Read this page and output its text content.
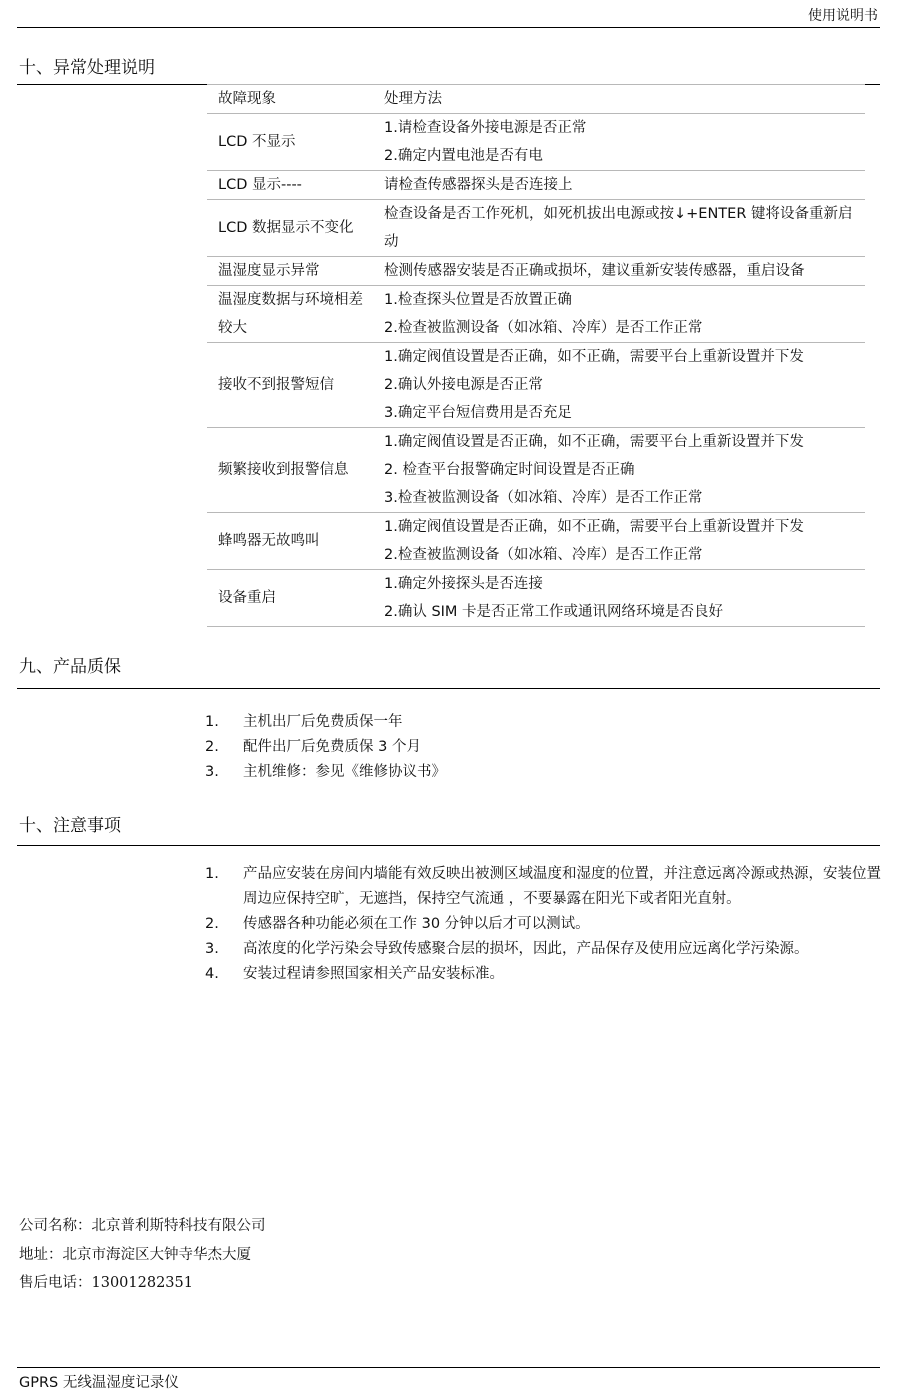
使用说明书
十、异常处理说明
故障现象	处理方法

LCD 不显示	1.请检查设备外接电源是否正常
2.确定内置电池是否有电

LCD 显示----	请检查传感器探头是否连接上

LCD 数据显示不变化	检查设备是否工作死机，如死机拔出电源或按↓+ENTER 键将设备重新启动

温湿度显示异常	检测传感器安装是否正确或损坏，建议重新安装传感器，重启设备

温湿度数据与环境相差较大	1.检查探头位置是否放置正确
2.检查被监测设备（如冰箱、冷库）是否工作正常

接收不到报警短信	1.确定阀值设置是否正确，如不正确，需要平台上重新设置并下发
2.确认外接电源是否正常
3.确定平台短信费用是否充足

频繁接收到报警信息	1.确定阀值设置是否正确，如不正确，需要平台上重新设置并下发
2. 检查平台报警确定时间设置是否正确
3.检查被监测设备（如冰箱、冷库）是否工作正常

蜂鸣器无故鸣叫	1.确定阀值设置是否正确，如不正确，需要平台上重新设置并下发
2.检查被监测设备（如冰箱、冷库）是否工作正常

设备重启	1.确定外接探头是否连接
2.确认 SIM 卡是否正常工作或通讯网络环境是否良好
九、产品质保
1. 主机出厂后免费质保一年
2. 配件出厂后免费质保 3 个月
3. 主机维修：参见《维修协议书》
十、注意事项
1. 产品应安装在房间内墙能有效反映出被测区域温度和湿度的位置，并注意远离冷源或热源，安装位置周边应保持空旷，无遮挡，保持空气流通 ，不要暴露在阳光下或者阳光直射。
2. 传感器各种功能必须在工作 30 分钟以后才可以测试。
3. 高浓度的化学污染会导致传感聚合层的损坏，因此，产品保存及使用应远离化学污染源。
4. 安装过程请参照国家相关产品安装标准。
公司名称：北京普利斯特科技有限公司
地址：北京市海淀区大钟寺华杰大厦
售后电话：13001282351
GPRS 无线温湿度记录仪
